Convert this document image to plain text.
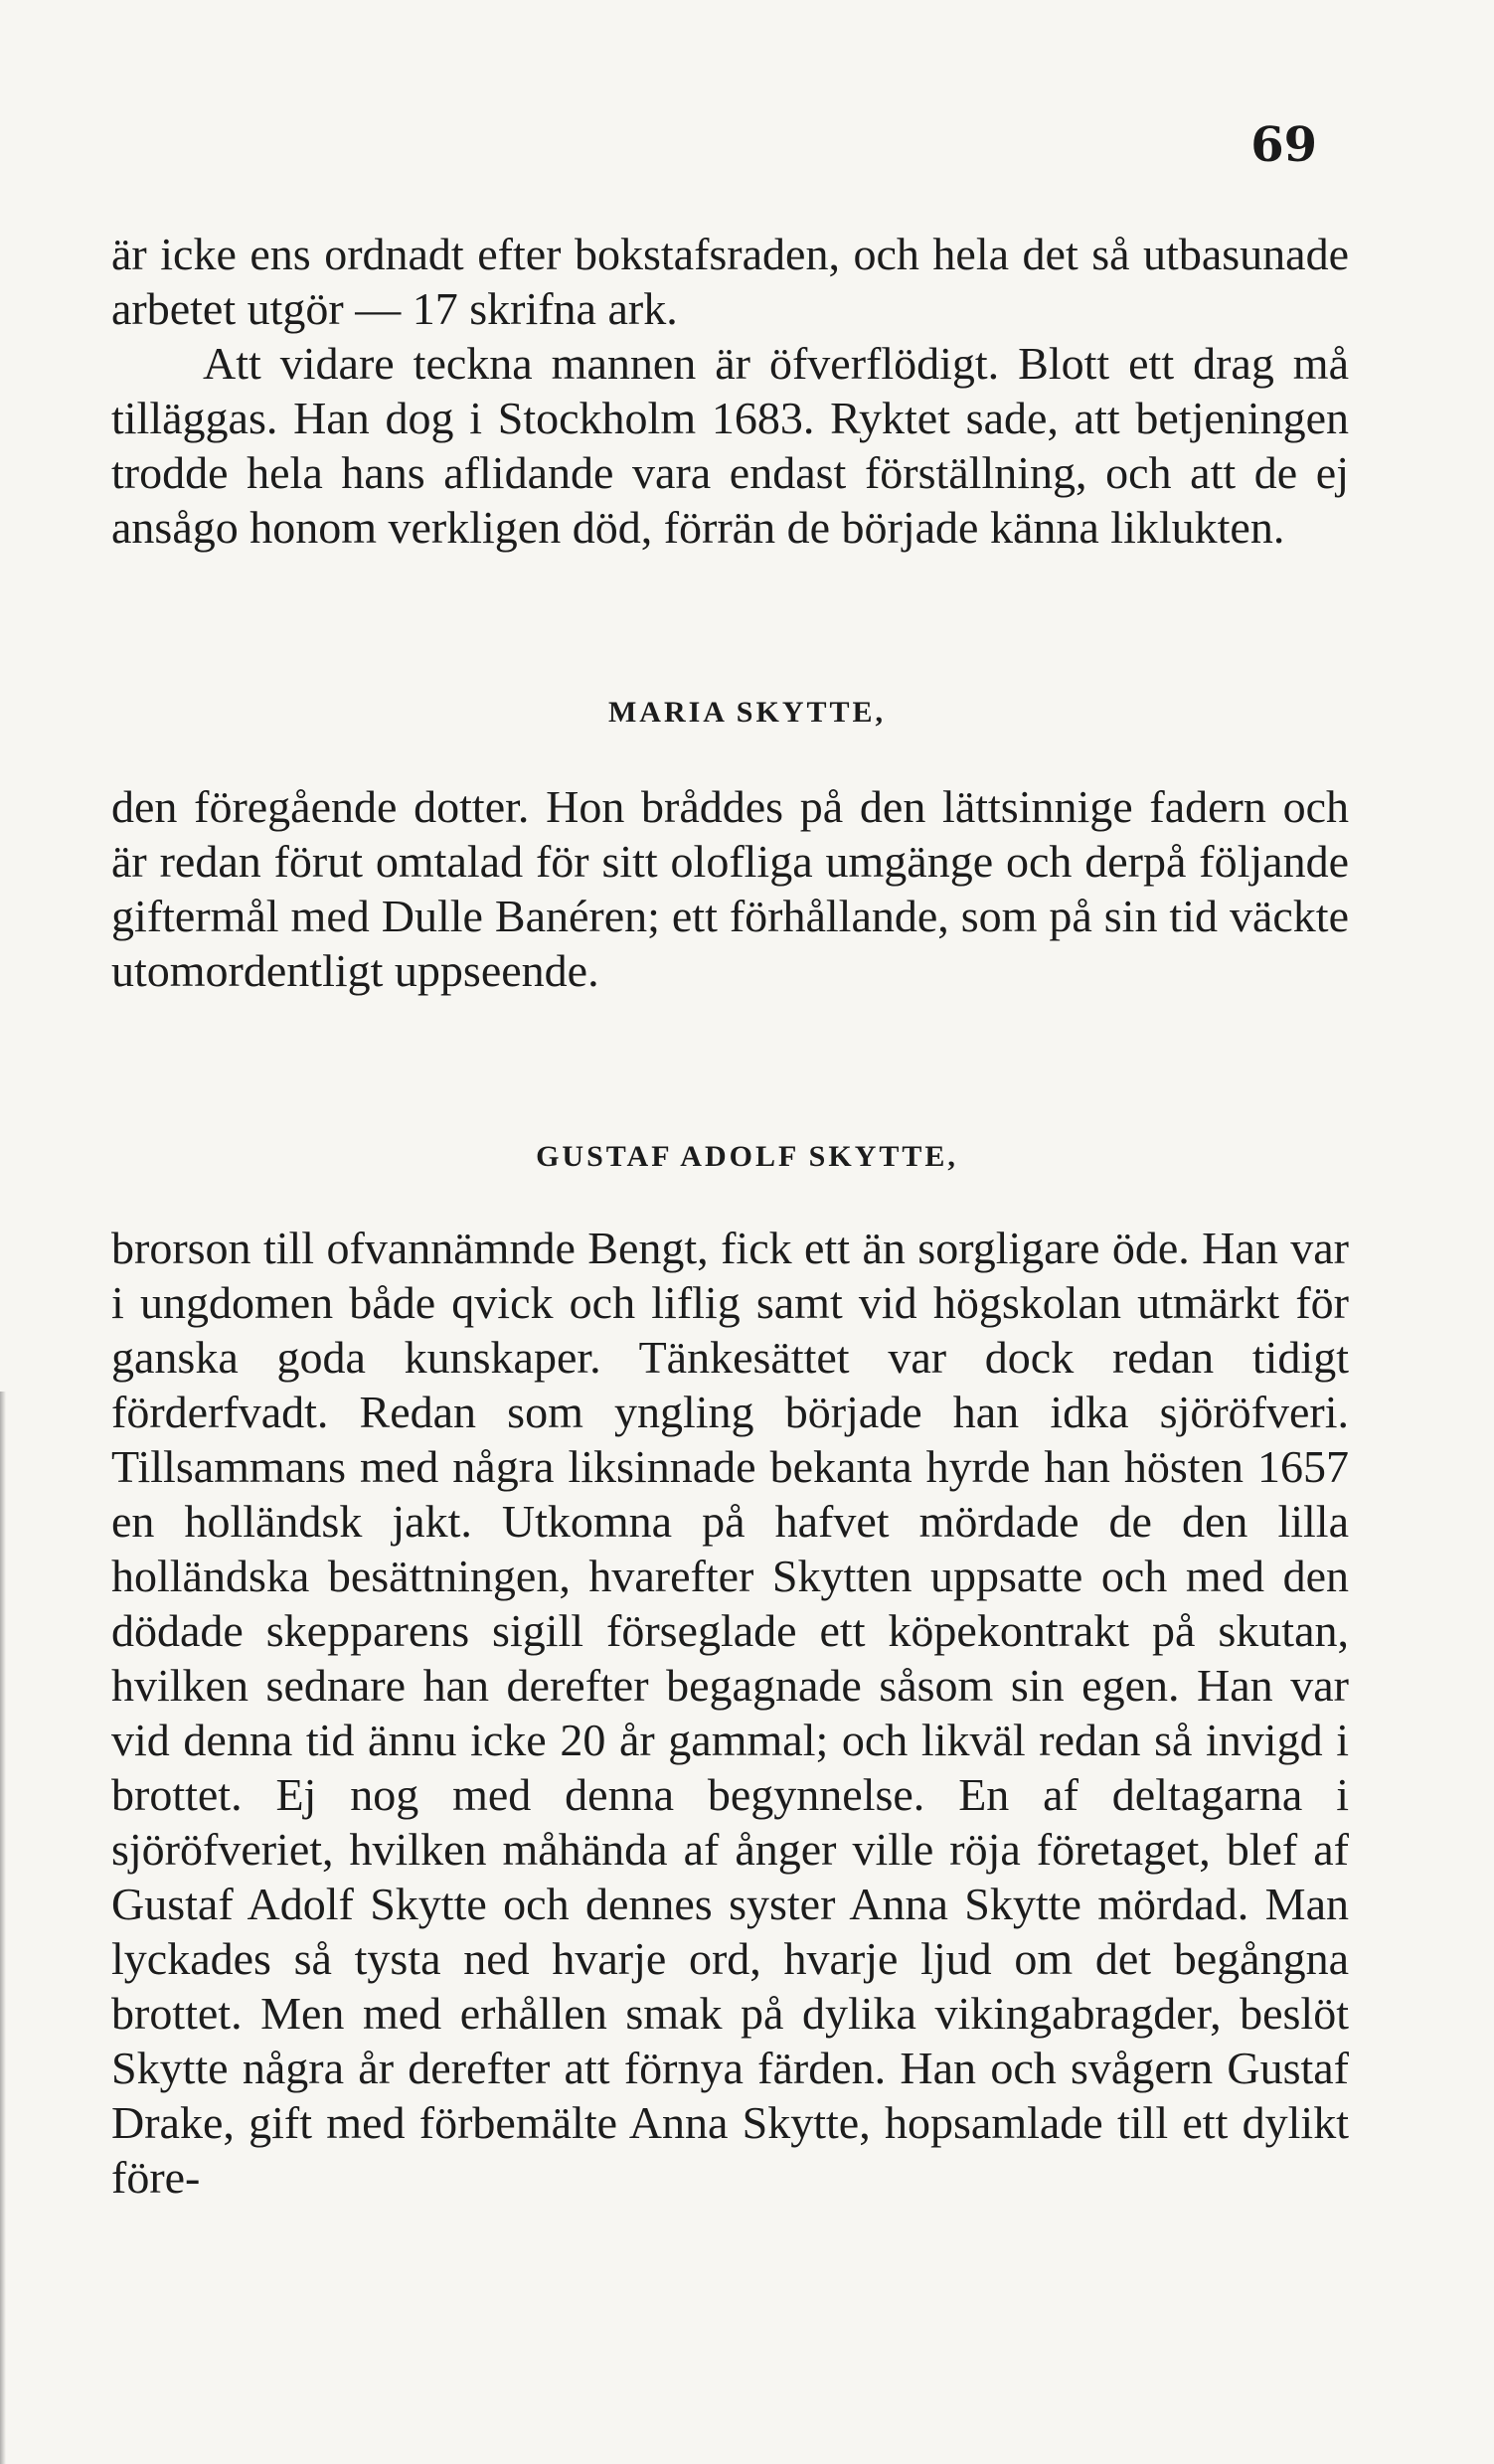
69

är icke ens ordnadt efter bokstafsraden, och hela det så utbasunade arbetet utgör — 17 skrifna ark.

Att vidare teckna mannen är öfverflödigt. Blott ett drag må tilläggas. Han dog i Stockholm 1683. Ryktet sade, att betjeningen trodde hela hans aflidande vara endast förställning, och att de ej ansågo honom verkligen död, förrän de började känna liklukten.

MARIA SKYTTE,

den föregående dotter. Hon bråddes på den lättsinnige fadern och är redan förut omtalad för sitt olofliga umgänge och derpå följande giftermål med Dulle Banéren; ett förhållande, som på sin tid väckte utomordentligt uppseende.

GUSTAF ADOLF SKYTTE,

brorson till ofvannämnde Bengt, fick ett än sorgligare öde. Han var i ungdomen både qvick och liflig samt vid högskolan utmärkt för ganska goda kunskaper. Tänkesättet var dock redan tidigt förderfvadt. Redan som yngling började han idka sjöröfveri. Tillsammans med några liksinnade bekanta hyrde han hösten 1657 en holländsk jakt. Utkomna på hafvet mördade de den lilla holländska besättningen, hvarefter Skytten uppsatte och med den dödade skepparens sigill förseglade ett köpekontrakt på skutan, hvilken sednare han derefter begagnade såsom sin egen. Han var vid denna tid ännu icke 20 år gammal; och likväl redan så invigd i brottet. Ej nog med denna begynnelse. En af deltagarna i sjöröfveriet, hvilken måhända af ånger ville röja företaget, blef af Gustaf Adolf Skytte och dennes syster Anna Skytte mördad. Man lyckades så tysta ned hvarje ord, hvarje ljud om det begångna brottet. Men med erhållen smak på dylika vikingabragder, beslöt Skytte några år derefter att förnya färden. Han och svågern Gustaf Drake, gift med förbemälte Anna Skytte, hopsamlade till ett dylikt före-
